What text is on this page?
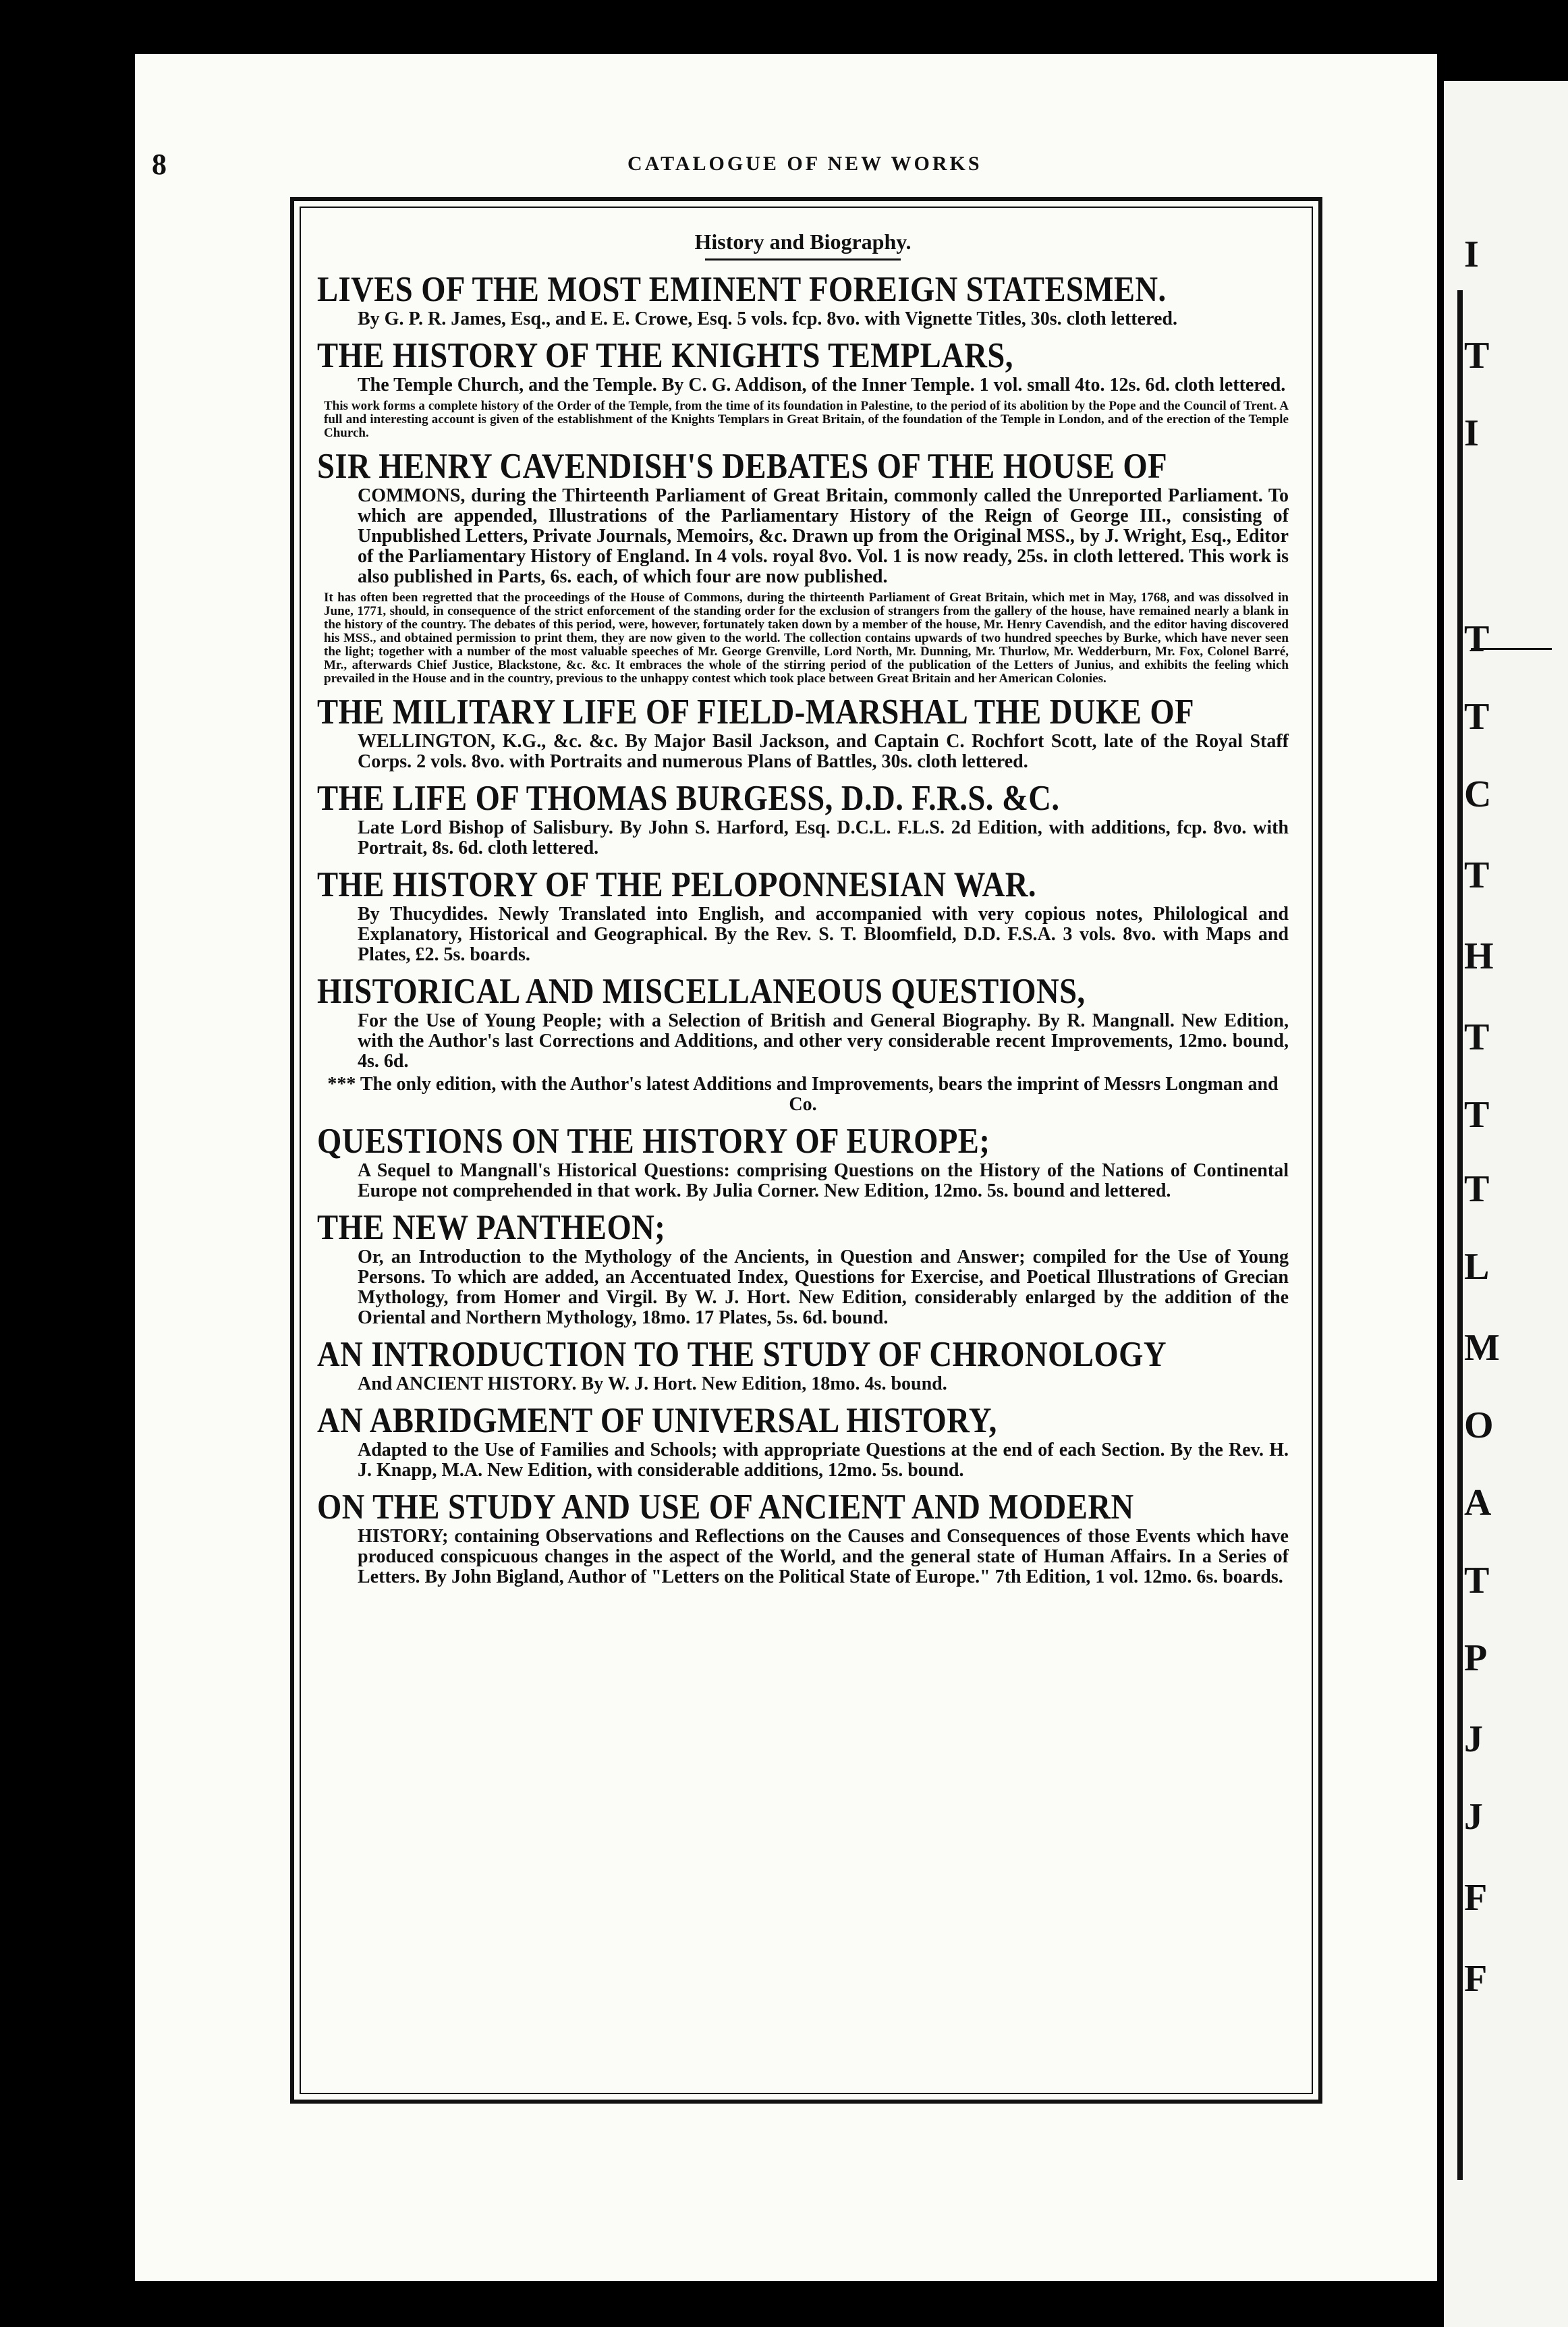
I
T
I
T
T
C
T
H
T
T
T
L
M
O
A
T
P
J
J
F
F
8	CATALOGUE OF NEW WORKS
History and Biography.
LIVES OF THE MOST EMINENT FOREIGN STATESMEN.
By G. P. R. James, Esq., and E. E. Crowe, Esq. 5 vols. fcp. 8vo. with Vignette Titles, 30s. cloth lettered.
THE HISTORY OF THE KNIGHTS TEMPLARS,
The Temple Church, and the Temple. By C. G. Addison, of the Inner Temple. 1 vol. small 4to. 12s. 6d. cloth lettered.
This work forms a complete history of the Order of the Temple, from the time of its foundation in Palestine, to the period of its abolition by the Pope and the Council of Trent. A full and interesting account is given of the establishment of the Knights Templars in Great Britain, of the foundation of the Temple in London, and of the erection of the Temple Church.
SIR HENRY CAVENDISH'S DEBATES OF THE HOUSE OF
COMMONS, during the Thirteenth Parliament of Great Britain, commonly called the Unreported Parliament. To which are appended, Illustrations of the Parliamentary History of the Reign of George III., consisting of Unpublished Letters, Private Journals, Memoirs, &c. Drawn up from the Original MSS., by J. Wright, Esq., Editor of the Parliamentary History of England. In 4 vols. royal 8vo. Vol. 1 is now ready, 25s. in cloth lettered. This work is also published in Parts, 6s. each, of which four are now published.
It has often been regretted that the proceedings of the House of Commons, during the thirteenth Parliament of Great Britain, which met in May, 1768, and was dissolved in June, 1771, should, in consequence of the strict enforcement of the standing order for the exclusion of strangers from the gallery of the house, have remained nearly a blank in the history of the country. The debates of this period, were, however, fortunately taken down by a member of the house, Mr. Henry Cavendish, and the editor having discovered his MSS., and obtained permission to print them, they are now given to the world. The collection contains upwards of two hundred speeches by Burke, which have never seen the light; together with a number of the most valuable speeches of Mr. George Grenville, Lord North, Mr. Dunning, Mr. Thurlow, Mr. Wedderburn, Mr. Fox, Colonel Barré, Mr., afterwards Chief Justice, Blackstone, &c. &c. It embraces the whole of the stirring period of the publication of the Letters of Junius, and exhibits the feeling which prevailed in the House and in the country, previous to the unhappy contest which took place between Great Britain and her American Colonies.
THE MILITARY LIFE OF FIELD-MARSHAL THE DUKE OF
WELLINGTON, K.G., &c. &c. By Major Basil Jackson, and Captain C. Rochfort Scott, late of the Royal Staff Corps. 2 vols. 8vo. with Portraits and numerous Plans of Battles, 30s. cloth lettered.
THE LIFE OF THOMAS BURGESS, D.D. F.R.S. &C.
Late Lord Bishop of Salisbury. By John S. Harford, Esq. D.C.L. F.L.S. 2d Edition, with additions, fcp. 8vo. with Portrait, 8s. 6d. cloth lettered.
THE HISTORY OF THE PELOPONNESIAN WAR.
By Thucydides. Newly Translated into English, and accompanied with very copious notes, Philological and Explanatory, Historical and Geographical. By the Rev. S. T. Bloomfield, D.D. F.S.A. 3 vols. 8vo. with Maps and Plates, £2. 5s. boards.
HISTORICAL AND MISCELLANEOUS QUESTIONS,
For the Use of Young People; with a Selection of British and General Biography. By R. Mangnall. New Edition, with the Author's last Corrections and Additions, and other very considerable recent Improvements, 12mo. bound, 4s. 6d.
*** The only edition, with the Author's latest Additions and Improvements, bears the imprint of Messrs Longman and Co.
QUESTIONS ON THE HISTORY OF EUROPE;
A Sequel to Mangnall's Historical Questions: comprising Questions on the History of the Nations of Continental Europe not comprehended in that work. By Julia Corner. New Edition, 12mo. 5s. bound and lettered.
THE NEW PANTHEON;
Or, an Introduction to the Mythology of the Ancients, in Question and Answer; compiled for the Use of Young Persons. To which are added, an Accentuated Index, Questions for Exercise, and Poetical Illustrations of Grecian Mythology, from Homer and Virgil. By W. J. Hort. New Edition, considerably enlarged by the addition of the Oriental and Northern Mythology, 18mo. 17 Plates, 5s. 6d. bound.
AN INTRODUCTION TO THE STUDY OF CHRONOLOGY
And ANCIENT HISTORY. By W. J. Hort. New Edition, 18mo. 4s. bound.
AN ABRIDGMENT OF UNIVERSAL HISTORY,
Adapted to the Use of Families and Schools; with appropriate Questions at the end of each Section. By the Rev. H. J. Knapp, M.A. New Edition, with considerable additions, 12mo. 5s. bound.
ON THE STUDY AND USE OF ANCIENT AND MODERN
HISTORY; containing Observations and Reflections on the Causes and Consequences of those Events which have produced conspicuous changes in the aspect of the World, and the general state of Human Affairs. In a Series of Letters. By John Bigland, Author of "Letters on the Political State of Europe." 7th Edition, 1 vol. 12mo. 6s. boards.
